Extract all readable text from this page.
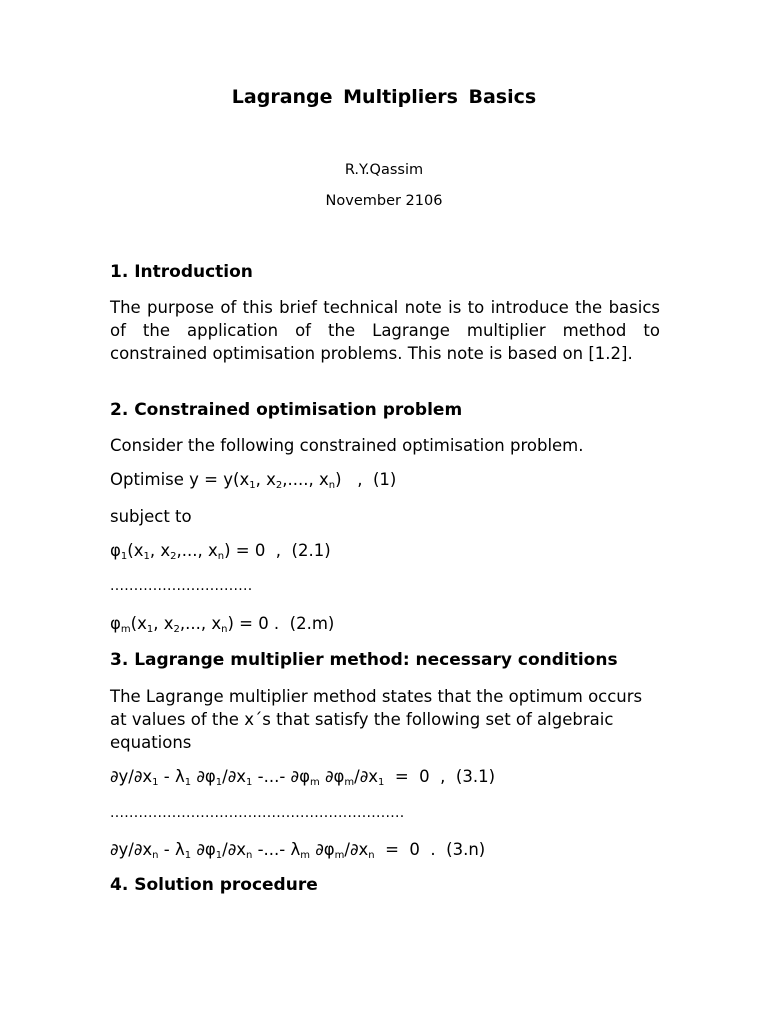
Lagrange Multipliers Basics
R.Y.Qassim
November 2106
1. Introduction
The purpose of this brief technical note is to introduce the basics of the application of the Lagrange multiplier method to constrained optimisation problems. This note is based on [1.2].
2. Constrained optimisation problem
Consider the following constrained optimisation problem.
Optimise $y = y(x_1$, $x_2$,...., $x_n$)   ,  (1)
subject to
$\varphi_1(x_1$, $x_2$,..., $x_n) = 0$  ,  (2.1)
..............................
$\varphi_m(x_1$, $x_2$,..., $x_n) = 0$ .  (2.m)
3. Lagrange multiplier method: necessary conditions
The Lagrange multiplier method states that the optimum occurs at values of the x´s that satisfy the following set of algebraic equations
$\partial y/\partial x_1 - \lambda_1$ $\partial\varphi_1/\partial x_1$ -...- $\partial\varphi_m$ $\partial\varphi_m/\partial x_1 = 0$  ,  (3.1)
..............................................................
$\partial y/\partial x_n - \lambda_1$ $\partial\varphi_1/\partial x_n$ -...- $\lambda_m$ $\partial\varphi_m/\partial x_n = 0$  .  (3.n)
4. Solution procedure
